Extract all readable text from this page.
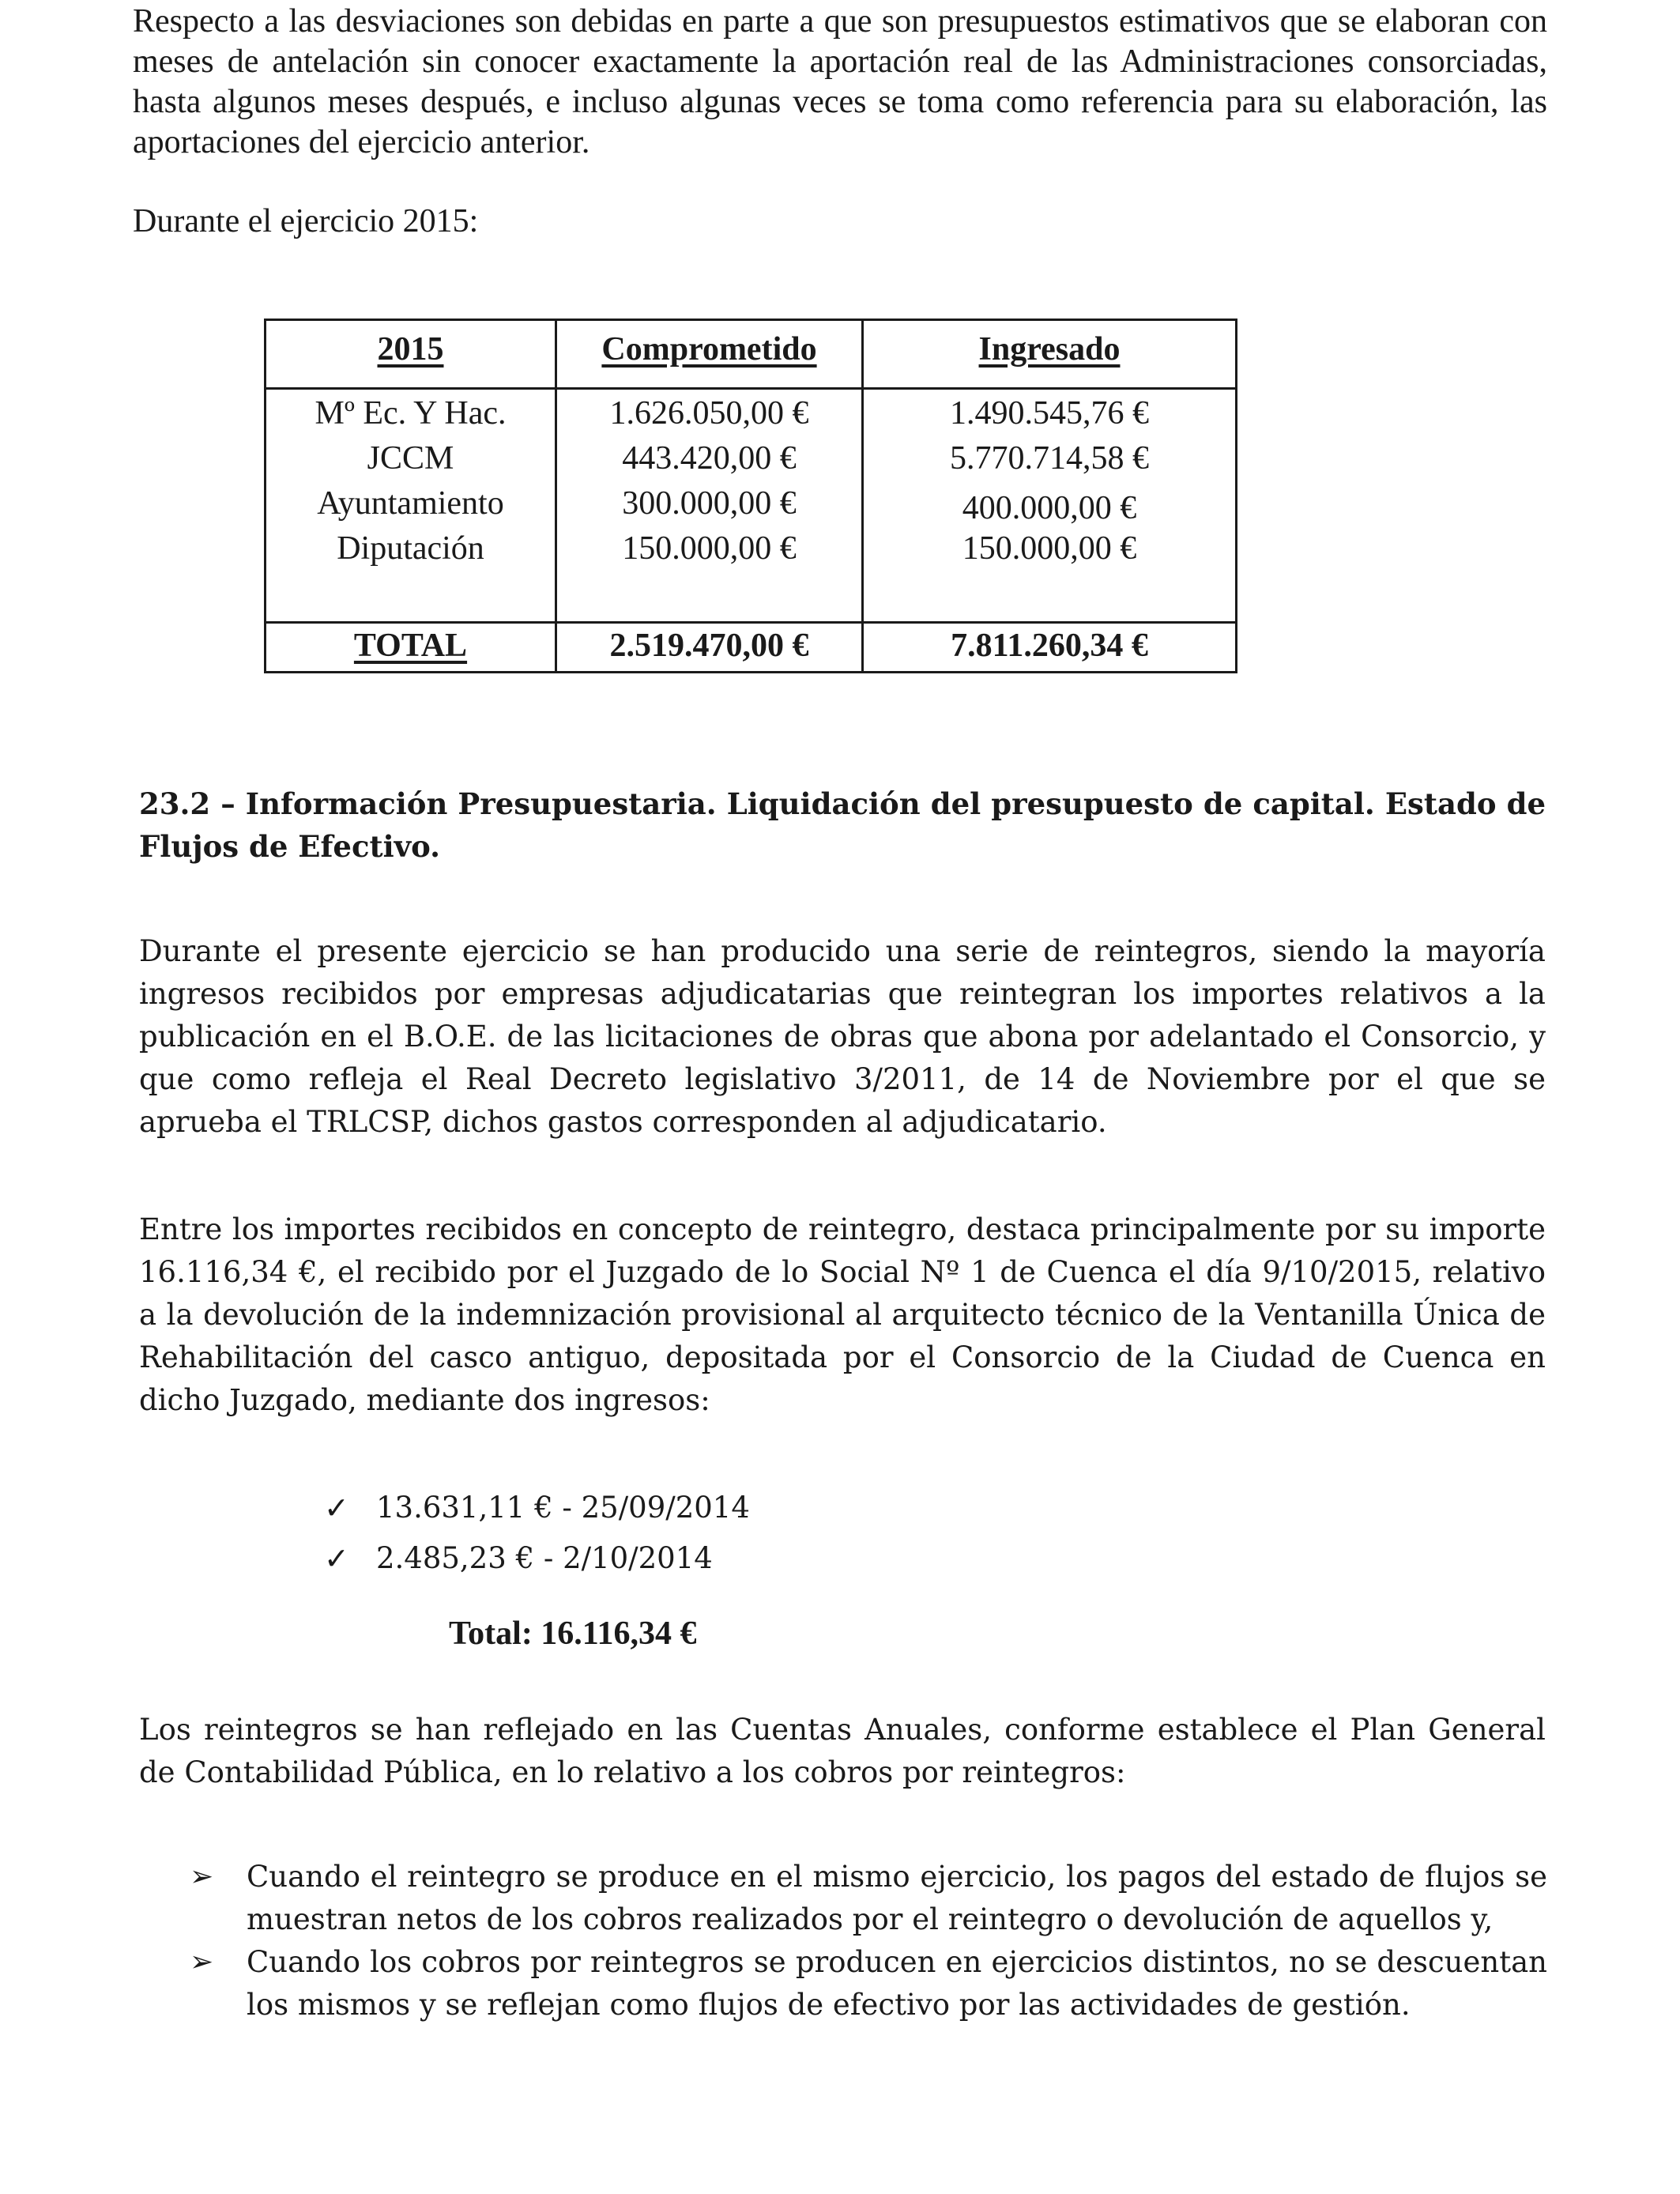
Respecto a las desviaciones son debidas en parte a que son presupuestos estimativos que se elaboran con meses de antelación sin conocer exactamente la aportación real de las Administraciones consorciadas, hasta algunos meses después, e incluso algunas veces se toma como referencia para su elaboración, las aportaciones del ejercicio anterior.

Durante el ejercicio 2015:

2015	Comprometido	Ingresado
Mº Ec. Y Hac.	1.626.050,00 €	1.490.545,76 €
JCCM	443.420,00 €	5.770.714,58 €
Ayuntamiento	300.000,00 €	400.000,00 €
Diputación	150.000,00 €	150.000,00 €
TOTAL	2.519.470,00 €	7.811.260,34 €

23.2 – Información Presupuestaria. Liquidación del presupuesto de capital. Estado de Flujos de Efectivo.

Durante el presente ejercicio se han producido una serie de reintegros, siendo la mayoría ingresos recibidos por empresas adjudicatarias que reintegran los importes relativos a la publicación en el B.O.E. de las licitaciones de obras que abona por adelantado el Consorcio, y que como refleja el Real Decreto legislativo 3/2011, de 14 de Noviembre por el que se aprueba el TRLCSP, dichos gastos corresponden al adjudicatario.

Entre los importes recibidos en concepto de reintegro, destaca principalmente por su importe 16.116,34 €, el recibido por el Juzgado de lo Social Nº 1 de Cuenca el día 9/10/2015, relativo a la devolución de la indemnización provisional al arquitecto técnico de la Ventanilla Única de Rehabilitación del casco antiguo, depositada por el Consorcio de la Ciudad de Cuenca en dicho Juzgado, mediante dos ingresos:

✓ 13.631,11 € - 25/09/2014
✓ 2.485,23 € - 2/10/2014
Total: 16.116,34 €

Los reintegros se han reflejado en las Cuentas Anuales, conforme establece el Plan General de Contabilidad Pública, en lo relativo a los cobros por reintegros:

➢ Cuando el reintegro se produce en el mismo ejercicio, los pagos del estado de flujos se muestran netos de los cobros realizados por el reintegro o devolución de aquellos y,
➢ Cuando los cobros por reintegros se producen en ejercicios distintos, no se descuentan los mismos y se reflejan como flujos de efectivo por las actividades de gestión.
